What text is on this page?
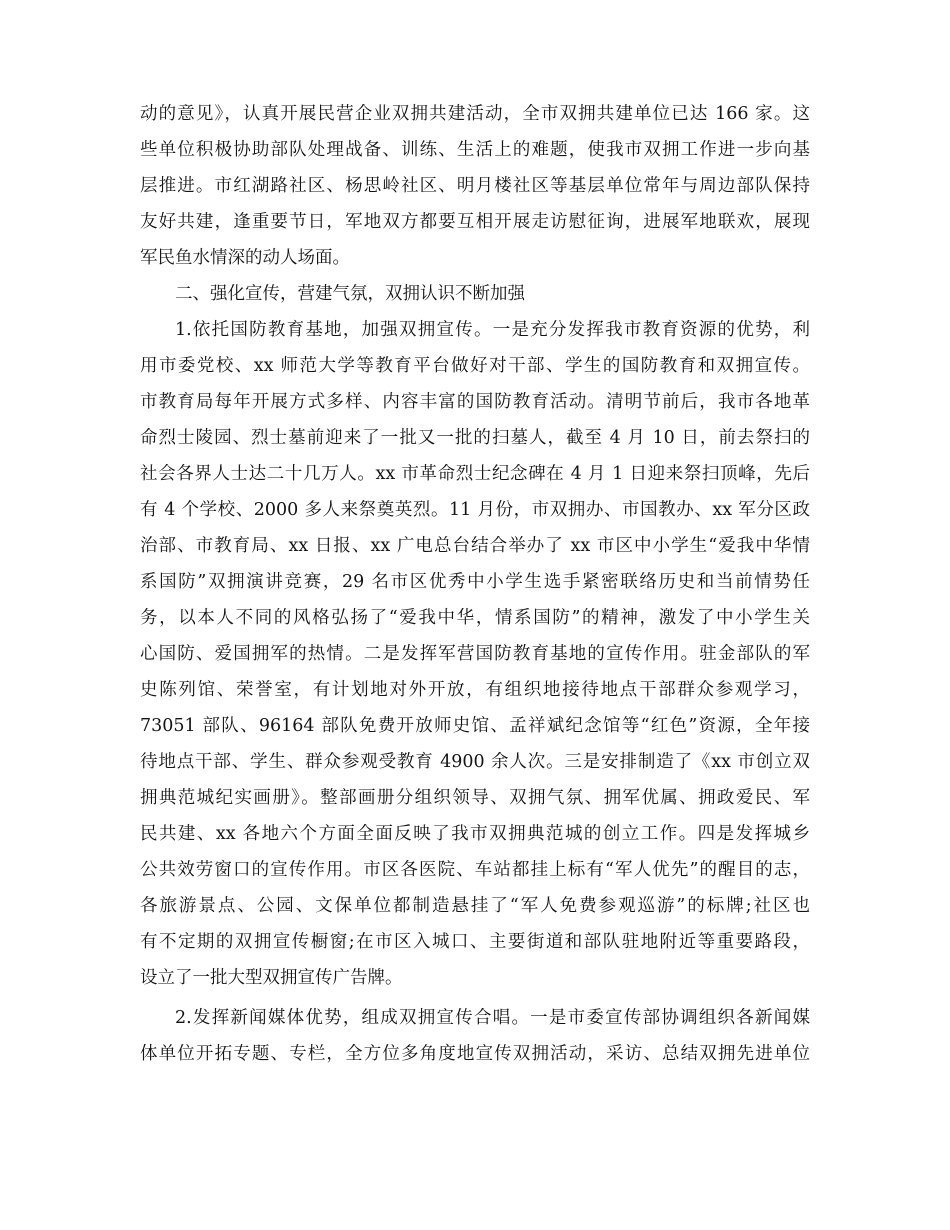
动的意见》，认真开展民营企业双拥共建活动，全市双拥共建单位已达 166 家。这
些单位积极协助部队处理战备、训练、生活上的难题，使我市双拥工作进一步向基
层推进。市红湖路社区、杨思岭社区、明月楼社区等基层单位常年与周边部队保持
友好共建，逢重要节日，军地双方都要互相开展走访慰征询，进展军地联欢，展现
军民鱼水情深的动人场面。
二、强化宣传，营建气氛，双拥认识不断加强
1.依托国防教育基地，加强双拥宣传。一是充分发挥我市教育资源的优势，利
用市委党校、xx 师范大学等教育平台做好对干部、学生的国防教育和双拥宣传。
市教育局每年开展方式多样、内容丰富的国防教育活动。清明节前后，我市各地革
命烈士陵园、烈士墓前迎来了一批又一批的扫墓人，截至 4 月 10 日，前去祭扫的
社会各界人士达二十几万人。xx 市革命烈士纪念碑在 4 月 1 日迎来祭扫顶峰，先后
有 4 个学校、2000 多人来祭奠英烈。11 月份，市双拥办、市国教办、xx 军分区政
治部、市教育局、xx 日报、xx 广电总台结合举办了 xx 市区中小学生“爱我中华情
系国防”双拥演讲竞赛，29 名市区优秀中小学生选手紧密联络历史和当前情势任
务，以本人不同的风格弘扬了“爱我中华，情系国防”的精神，激发了中小学生关
心国防、爱国拥军的热情。二是发挥军营国防教育基地的宣传作用。驻金部队的军
史陈列馆、荣誉室，有计划地对外开放，有组织地接待地点干部群众参观学习，
73051 部队、96164 部队免费开放师史馆、孟祥斌纪念馆等“红色”资源，全年接
待地点干部、学生、群众参观受教育 4900 余人次。三是安排制造了《xx 市创立双
拥典范城纪实画册》。整部画册分组织领导、双拥气氛、拥军优属、拥政爱民、军
民共建、xx 各地六个方面全面反映了我市双拥典范城的创立工作。四是发挥城乡
公共效劳窗口的宣传作用。市区各医院、车站都挂上标有“军人优先”的醒目的志，
各旅游景点、公园、文保单位都制造悬挂了“军人免费参观巡游”的标牌;社区也
有不定期的双拥宣传橱窗;在市区入城口、主要街道和部队驻地附近等重要路段，
设立了一批大型双拥宣传广告牌。
2.发挥新闻媒体优势，组成双拥宣传合唱。一是市委宣传部协调组织各新闻媒
体单位开拓专题、专栏，全方位多角度地宣传双拥活动，采访、总结双拥先进单位
